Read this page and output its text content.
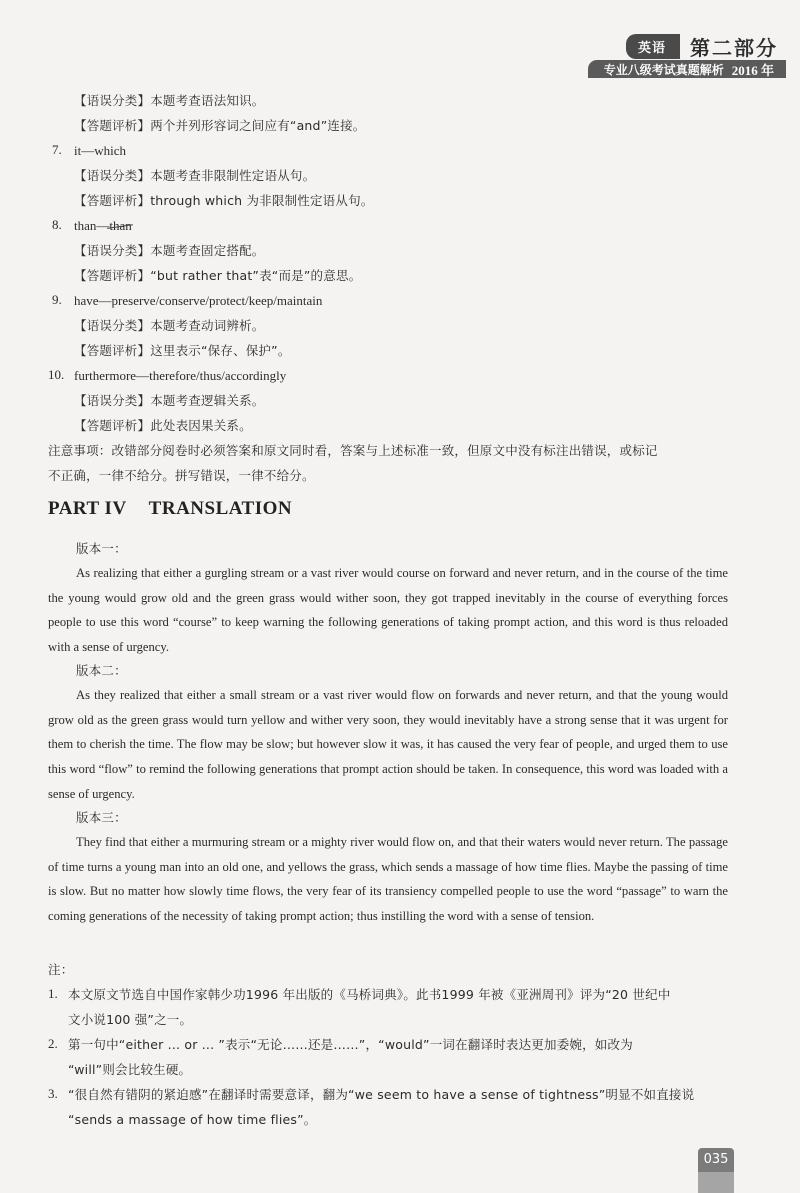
英语	第二部分
专业八级考试真题解析 2016 年
【语误分类】本题考查语法知识。
【答题评析】两个并列形容词之间应有“and”连接。
7. it—which
【语误分类】本题考查非限制性定语从句。
【答题评析】through which 为非限制性定语从句。
8. than—than
【语误分类】本题考查固定搭配。
【答题评析】“but rather that”表“而是”的意思。
9. have—preserve/conserve/protect/keep/maintain
【语误分类】本题考查动词辨析。
【答题评析】这里表示“保存、保护”。
10. furthermore—therefore/thus/accordingly
【语误分类】本题考查逻辑关系。
【答题评析】此处表因果关系。
注意事项：改错部分阅卷时必须答案和原文同时看，答案与上述标准一致，但原文中没有标注出错误，或标记
不正确，一律不给分。拼写错误，一律不给分。
PART IV TRANSLATION
版本一：
As realizing that either a gurgling stream or a vast river would course on forward and never return, and in the course of the time the young would grow old and the green grass would wither soon, they got trapped inevitably in the course of everything forces people to use this word “course” to keep warning the following generations of taking prompt action, and this word is thus reloaded with a sense of urgency.
版本二：
As they realized that either a small stream or a vast river would flow on forwards and never return, and that the young would grow old as the green grass would turn yellow and wither very soon, they would inevitably have a strong sense that it was urgent for them to cherish the time. The flow may be slow; but however slow it was, it has caused the very fear of people, and urged them to use this word “flow” to remind the following generations that prompt action should be taken. In consequence, this word was loaded with a sense of urgency.
版本三：
They find that either a murmuring stream or a mighty river would flow on, and that their waters would never return. The passage of time turns a young man into an old one, and yellows the grass, which sends a massage of how time flies. Maybe the passing of time is slow. But no matter how slowly time flows, the very fear of its transiency compelled people to use the word “passage” to warn the coming generations of the necessity of taking prompt action; thus instilling the word with a sense of tension.
注：
1. 本文原文节选自中国作家韩少功1996 年出版的《马桥词典》。此书1999 年被《亚洲周刊》评为“20 世纪中
文小说100 强”之一。
2. 第一句中“either ... or ... ”表示“无论……还是……”，“would”一词在翻译时表达更加委婉，如改为
“will”则会比较生硬。
3. “很自然有错阴的紧迫感”在翻译时需要意译，翻为“we seem to have a sense of tightness”明显不如直接说
“sends a massage of how time flies”。
035
